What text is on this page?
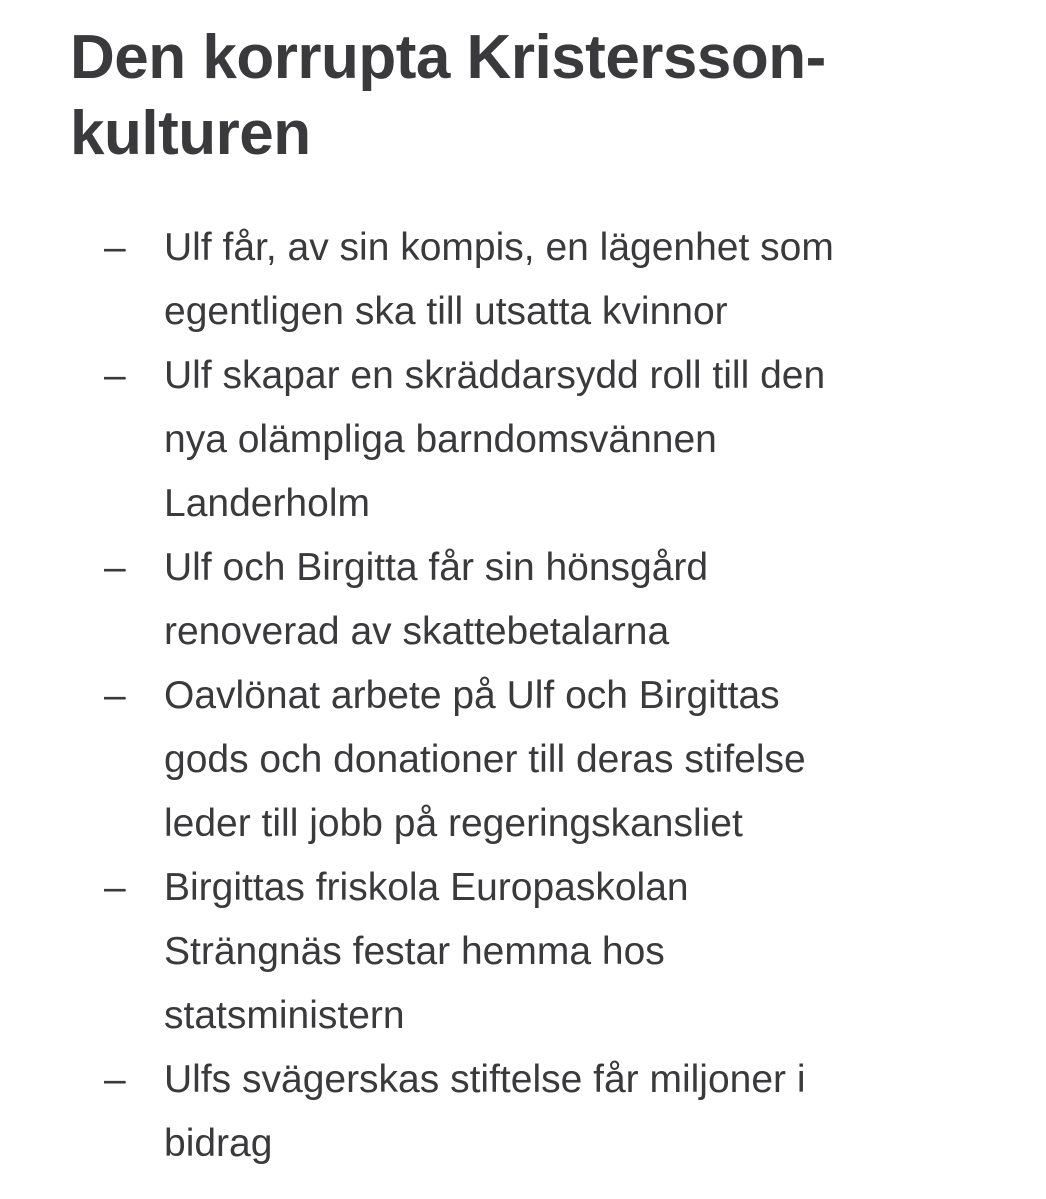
Den korrupta Kristersson-kulturen
– Ulf får, av sin kompis, en lägenhet som
egentligen ska till utsatta kvinnor
– Ulf skapar en skräddarsydd roll till den
nya olämpliga barndomsvännen
Landerholm
– Ulf och Birgitta får sin hönsgård
renoverad av skattebetalarna
– Oavlönat arbete på Ulf och Birgittas
gods och donationer till deras stifelse
leder till jobb på regeringskansliet
– Birgittas friskola Europaskolan
Strängnäs festar hemma hos
statsministern
– Ulfs svägerskas stiftelse får miljoner i
bidrag
